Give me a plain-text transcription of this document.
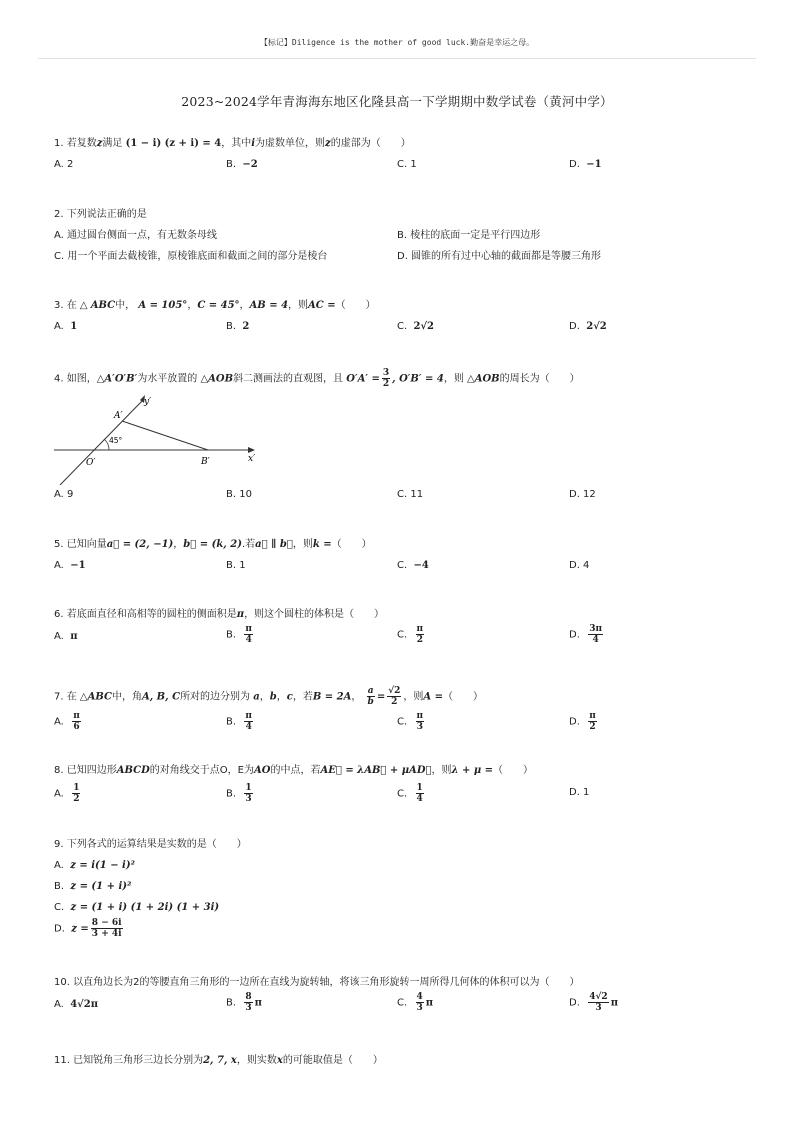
【标记】Diligence is the mother of good luck.勤奋是幸运之母。
2023~2024学年青海海东地区化隆县高一下学期期中数学试卷（黄河中学）
1. 若复数z满足 (1 − i) (z + i) = 4，其中i为虚数单位，则z的虚部为（　　）
A. 2	B. −2	C. 1	D. −1
2. 下列说法正确的是
A. 通过圆台侧面一点，有无数条母线	B. 棱柱的底面一定是平行四边形
C. 用一个平面去截棱锥，原棱锥底面和截面之间的部分是棱台	D. 圆锥的所有过中心轴的截面都是等腰三角形
3. 在 △ ABC中， A = 105°，C = 45°，AB = 4，则AC =（　　）
A. 1	B. 2	C. 2√2	D. 2√2
4. 如图，△A′O′B′为水平放置的 △AOB斜二测画法的直观图，且 $O'A' = \frac{3}{2}$ , O′B′ = 4，则 △AOB的周长为（　　）
A′
O′	B′	x′
y′
45°
A. 9	B. 10	C. 11	D. 12
5. 已知向量a⃗ = (2, −1)，b⃗ = (k, 2).若a⃗ ∥ b⃗，则k =（　　）
A. −1	B. 1	C. −4	D. 4
6. 若底面直径和高相等的圆柱的侧面积是π，则这个圆柱的体积是（　　）
A. π	B. $\frac{\pi}{4}$	C. $\frac{\pi}{2}$	D. $\frac{3\pi}{4}$
7. 在 △ABC中，角A, B, C所对的边分别为 a，b，c，若B = 2A， $\frac{a}{b} = \frac{√2}{2}$ ，则A =（　　）
A. $\frac{\pi}{6}$	B. $\frac{\pi}{4}$	C. $\frac{\pi}{3}$	D. $\frac{\pi}{2}$
8. 已知四边形ABCD的对角线交于点O，E为AO的中点，若AE⃗ = λAB⃗ + μAD⃗，则λ + μ =（　　）
A. $\frac{1}{2}$	B. $\frac{1}{3}$	C. $\frac{1}{4}$	D. 1
9. 下列各式的运算结果是实数的是（　　）
A. z = i(1 − i)²
B. z = (1 + i)²
C. z = (1 + i) (1 + 2i) (1 + 3i)
D. $z = \frac{8 - 6i}{3 + 4i}$
10. 以直角边长为2的等腰直角三角形的一边所在直线为旋转轴，将该三角形旋转一周所得几何体的体积可以为（　　）
A. 4√2π	B. $\frac{8}{3}$ π	C. $\frac{4}{3}$ π	D. $\frac{4√2}{3}$ π
11. 已知锐角三角形三边长分别为2, 7, x，则实数x的可能取值是（　　）
